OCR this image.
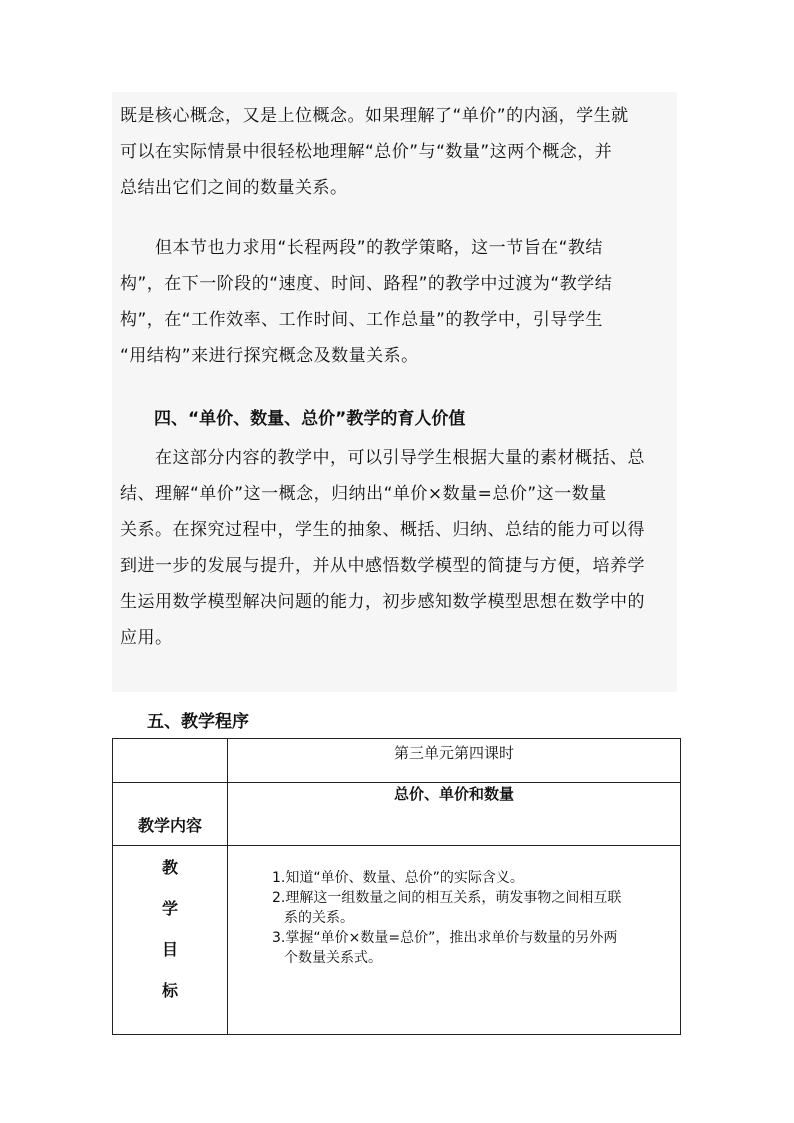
既是核心概念，又是上位概念。如果理解了“单价”的内涵，学生就
可以在实际情景中很轻松地理解“总价”与“数量”这两个概念，并
总结出它们之间的数量关系。
　　但本节也力求用“长程两段”的教学策略，这一节旨在“教结
构”，在下一阶段的“速度、时间、路程”的教学中过渡为“教学结
构”，在“工作效率、工作时间、工作总量”的教学中，引导学生
“用结构”来进行探究概念及数量关系。
四、“单价、数量、总价”教学的育人价值
　　在这部分内容的教学中，可以引导学生根据大量的素材概括、总
结、理解“单价”这一概念，归纳出“单价×数量=总价”这一数量
关系。在探究过程中，学生的抽象、概括、归纳、总结的能力可以得
到进一步的发展与提升，并从中感悟数学模型的简捷与方便，培养学
生运用数学模型解决问题的能力，初步感知数学模型思想在数学中的
应用。
五、教学程序
	第三单元第四课时
教学内容	总价、单价和数量

教
学
目
标	1.知道“单价、数量、总价”的实际含义。
2.理解这一组数量之间的相互关系，萌发事物之间相互联
系的关系。
3.掌握“单价×数量=总价”，推出求单价与数量的另外两
个数量关系式。
